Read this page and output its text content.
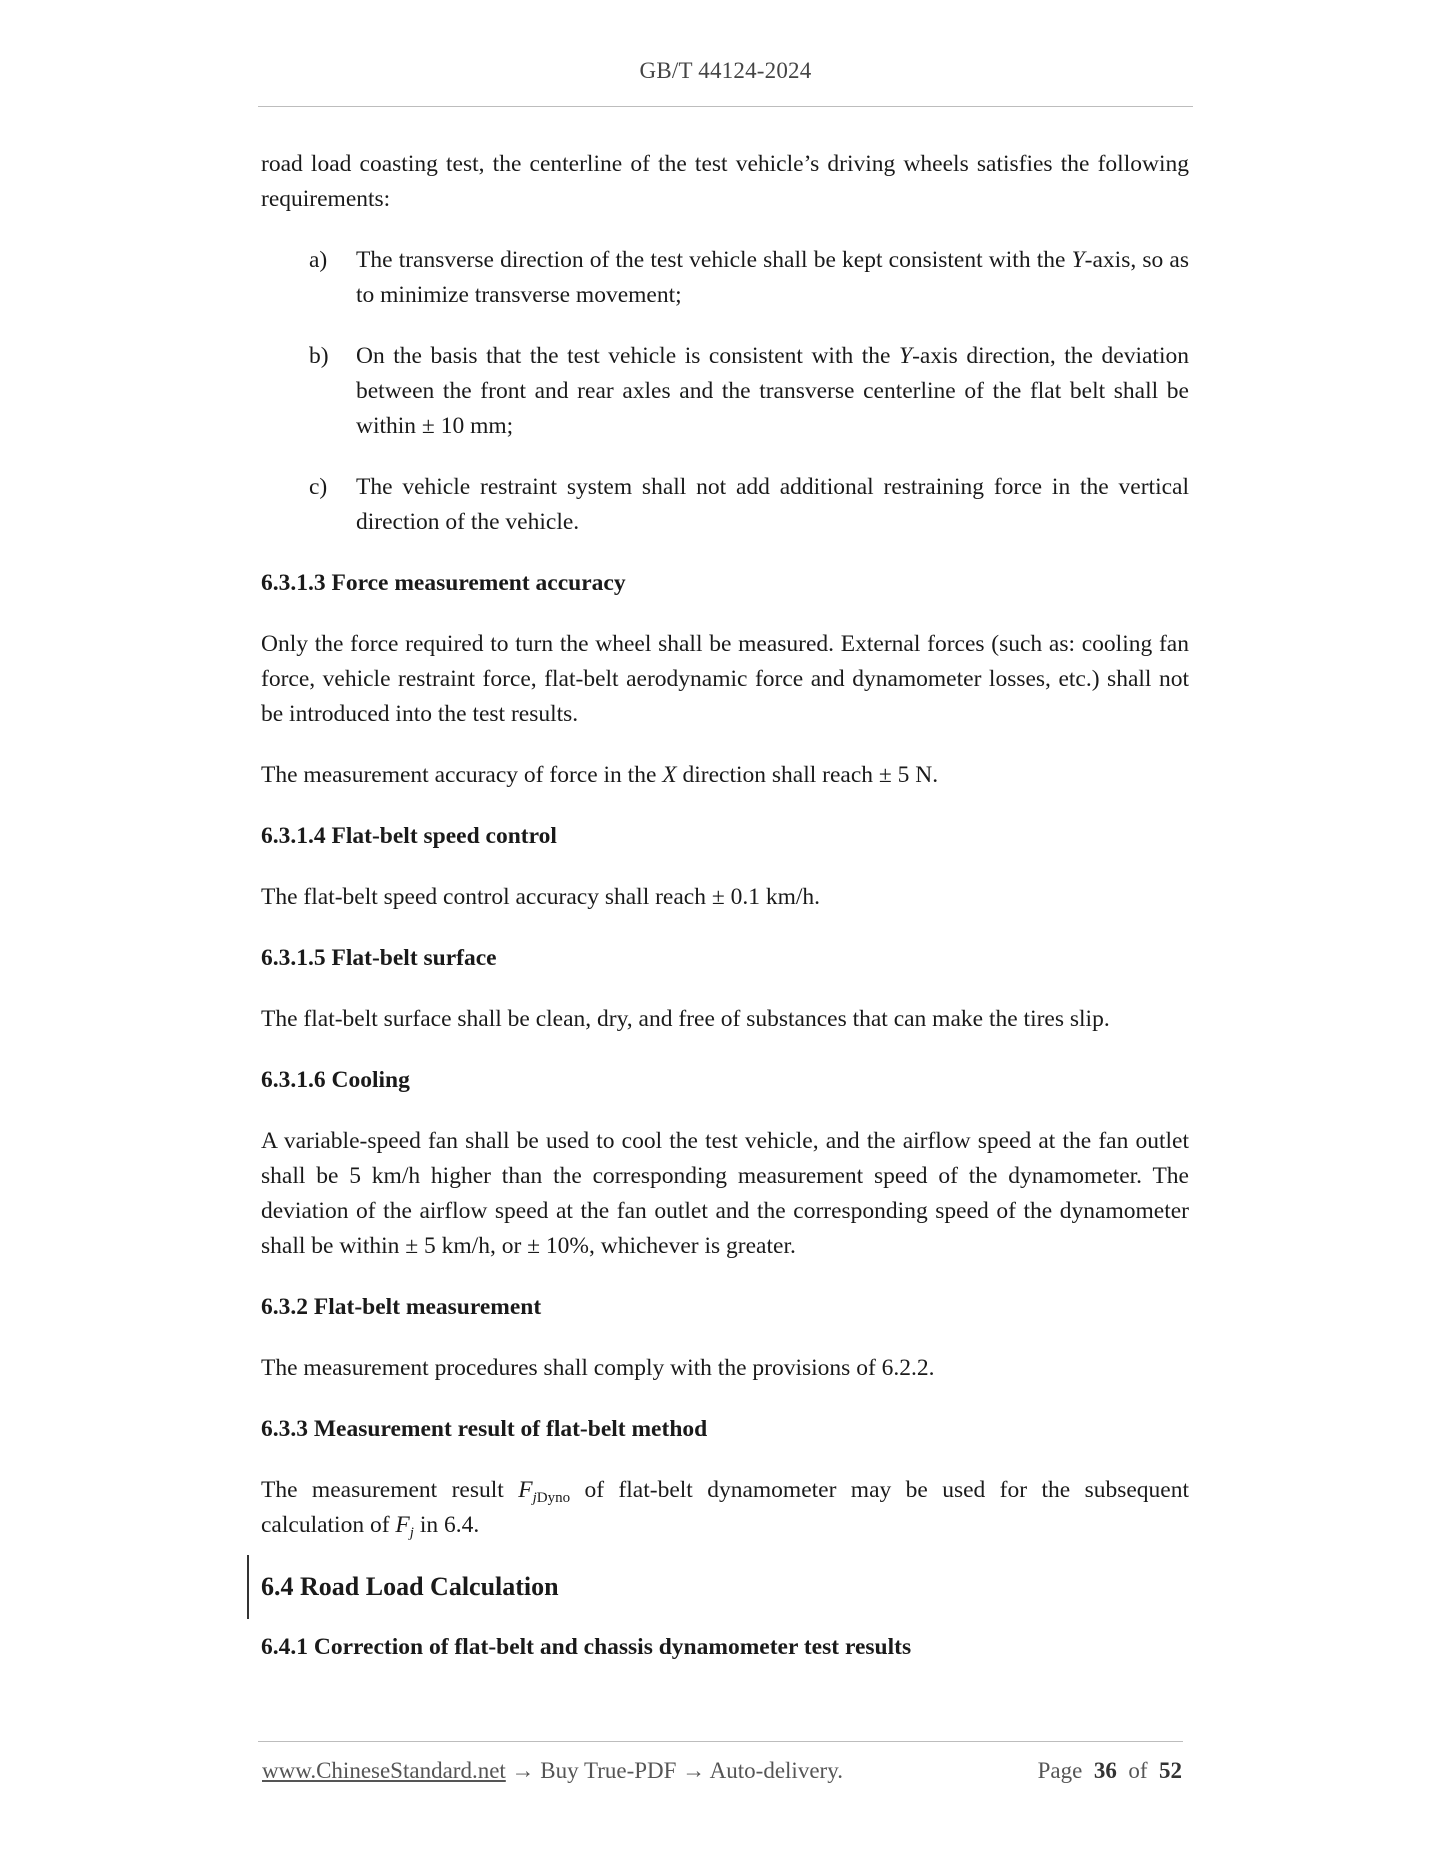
GB/T 44124-2024

road load coasting test, the centerline of the test vehicle’s driving wheels satisfies the following requirements:

a) The transverse direction of the test vehicle shall be kept consistent with the Y-axis, so as to minimize transverse movement;
b) On the basis that the test vehicle is consistent with the Y-axis direction, the deviation between the front and rear axles and the transverse centerline of the flat belt shall be within ± 10 mm;
c) The vehicle restraint system shall not add additional restraining force in the vertical direction of the vehicle.
6.3.1.3 Force measurement accuracy

Only the force required to turn the wheel shall be measured. External forces (such as: cooling fan force, vehicle restraint force, flat-belt aerodynamic force and dynamometer losses, etc.) shall not be introduced into the test results.

The measurement accuracy of force in the X direction shall reach ± 5 N.

6.3.1.4 Flat-belt speed control

The flat-belt speed control accuracy shall reach ± 0.1 km/h.

6.3.1.5 Flat-belt surface

The flat-belt surface shall be clean, dry, and free of substances that can make the tires slip.

6.3.1.6 Cooling

A variable-speed fan shall be used to cool the test vehicle, and the airflow speed at the fan outlet shall be 5 km/h higher than the corresponding measurement speed of the dynamometer. The deviation of the airflow speed at the fan outlet and the corresponding speed of the dynamometer shall be within ± 5 km/h, or ± 10%, whichever is greater.

6.3.2 Flat-belt measurement

The measurement procedures shall comply with the provisions of 6.2.2.

6.3.3 Measurement result of flat-belt method

The measurement result $F_{jDyno}$ of flat-belt dynamometer may be used for the subsequent calculation of $F_j$ in 6.4.

6.4 Road Load Calculation
6.4.1 Correction of flat-belt and chassis dynamometer test results
www.ChineseStandard.net → Buy True-PDF → Auto-delivery.	Page 36 of 52
